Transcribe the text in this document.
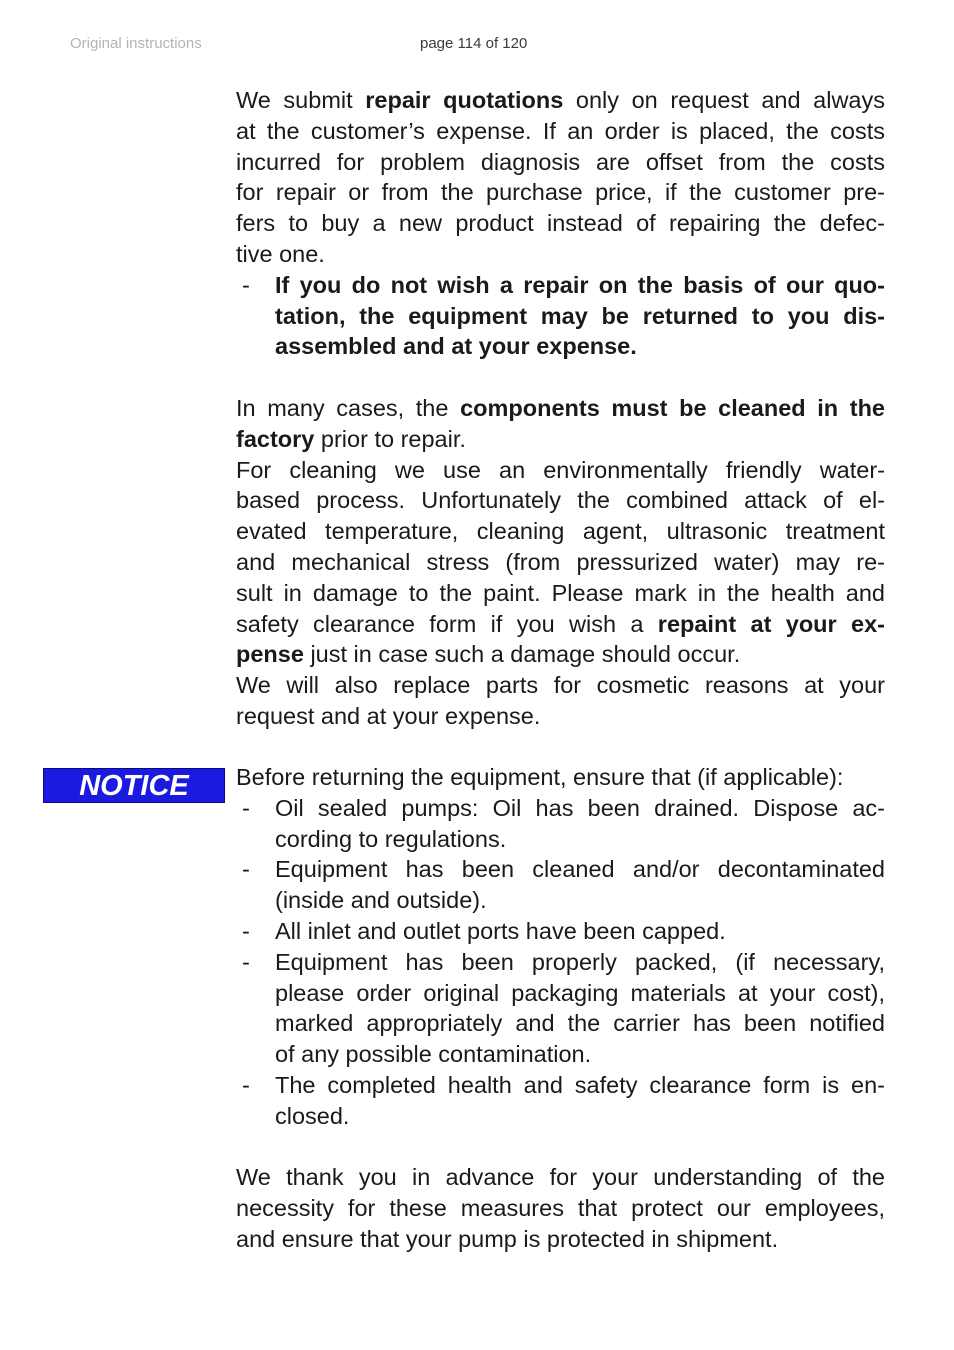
Original instructions	page 114 of 120

We submit repair quotations only on request and always

at the customer’s expense. If an order is placed, the costs

incurred for problem diagnosis are offset from the costs

for repair or from the purchase price, if the customer pre-

fers to buy a new product instead of repairing the defec-

tive one.

-	If you do not wish a repair on the basis of our quo-

tation, the equipment may be returned to you dis-

assembled and at your expense.

In many cases, the components must be cleaned in the

factory prior to repair.

For cleaning we use an environmentally friendly water-

based process. Unfortunately the combined attack of el-

evated temperature, cleaning agent, ultrasonic treatment

and mechanical stress (from pressurized water) may re-

sult in damage to the paint. Please mark in the health and

safety clearance form if you wish a repaint at your ex-

pense just in case such a damage should occur.

We will also replace parts for cosmetic reasons at your

request and at your expense.

NOTICE	Before returning the equipment, ensure that (if applicable):

-	Oil sealed pumps: Oil has been drained. Dispose ac-

cording to regulations.

-	Equipment has been cleaned and/or decontaminated

(inside and outside).

-	All inlet and outlet ports have been capped.

-	Equipment has been properly packed, (if necessary,

please order original packaging materials at your cost),

marked appropriately and the carrier has been notified

of any possible contamination.

-	The completed health and safety clearance form is en-

closed.

We thank you in advance for your understanding of the

necessity for these measures that protect our employees,

and ensure that your pump is protected in shipment.
